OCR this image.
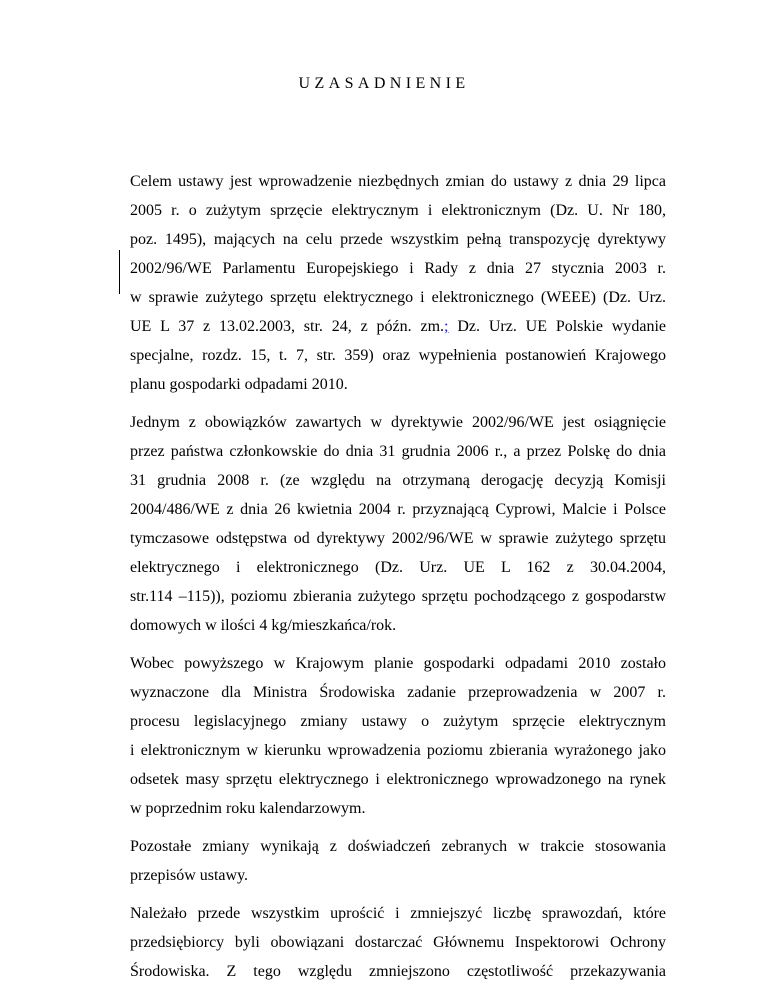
UZASADNIENIE
Celem ustawy jest wprowadzenie niezbędnych zmian do ustawy z dnia 29 lipca
2005 r. o zużytym sprzęcie elektrycznym i elektronicznym (Dz. U. Nr 180,
poz. 1495), mających na celu przede wszystkim pełną transpozycję dyrektywy
2002/96/WE Parlamentu Europejskiego i Rady z dnia 27 stycznia 2003 r.
w sprawie zużytego sprzętu elektrycznego i elektronicznego (WEEE) (Dz. Urz.
UE L 37 z 13.02.2003, str. 24, z późn. zm.; Dz. Urz. UE Polskie wydanie
specjalne, rozdz. 15, t. 7, str. 359) oraz wypełnienia postanowień Krajowego
planu gospodarki odpadami 2010.
Jednym z obowiązków zawartych w dyrektywie 2002/96/WE jest osiągnięcie
przez państwa członkowskie do dnia 31 grudnia 2006 r., a przez Polskę do dnia
31 grudnia 2008 r. (ze względu na otrzymaną derogację decyzją Komisji
2004/486/WE z dnia 26 kwietnia 2004 r. przyznającą Cyprowi, Malcie i Polsce
tymczasowe odstępstwa od dyrektywy 2002/96/WE w sprawie zużytego sprzętu
elektrycznego i elektronicznego (Dz. Urz. UE L 162 z 30.04.2004,
str.114 –115)), poziomu zbierania zużytego sprzętu pochodzącego z gospodarstw
domowych w ilości 4 kg/mieszkańca/rok.
Wobec powyższego w Krajowym planie gospodarki odpadami 2010 zostało
wyznaczone dla Ministra Środowiska zadanie przeprowadzenia w 2007 r.
procesu legislacyjnego zmiany ustawy o zużytym sprzęcie elektrycznym
i elektronicznym w kierunku wprowadzenia poziomu zbierania wyrażonego jako
odsetek masy sprzętu elektrycznego i elektronicznego wprowadzonego na rynek
w poprzednim roku kalendarzowym.
Pozostałe zmiany wynikają z doświadczeń zebranych w trakcie stosowania
przepisów ustawy.
Należało przede wszystkim uprościć i zmniejszyć liczbę sprawozdań, które
przedsiębiorcy byli obowiązani dostarczać Głównemu Inspektorowi Ochrony
Środowiska. Z tego względu zmniejszono częstotliwość przekazywania
